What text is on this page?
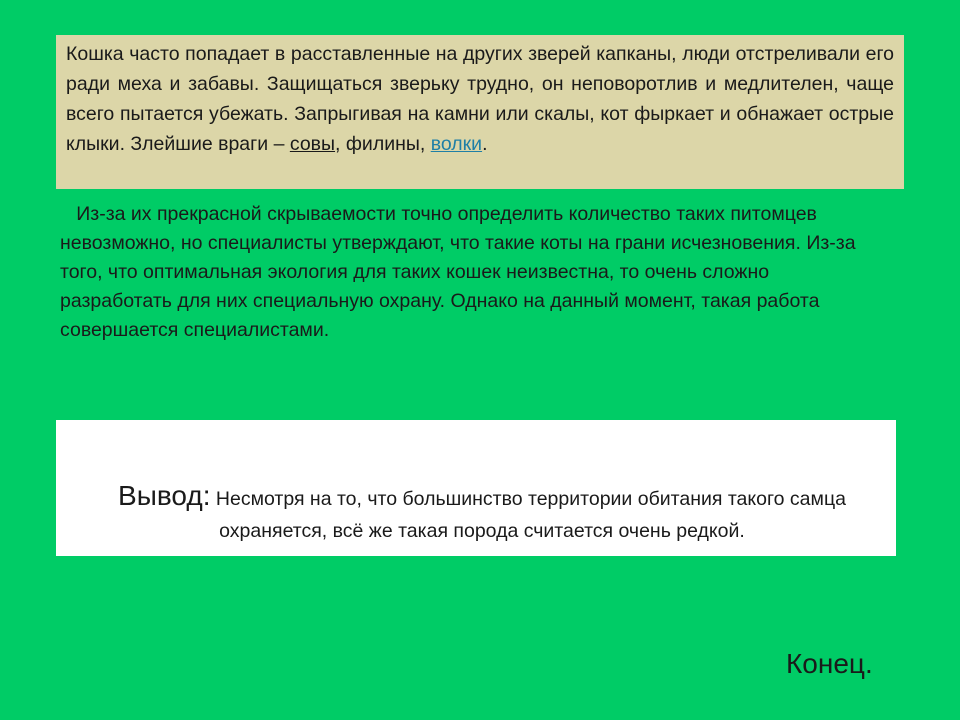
Кошка часто попадает в расставленные на других зверей капканы, люди отстреливали его ради меха и забавы. Защищаться зверьку трудно, он неповоротлив и медлителен, чаще всего пытается убежать. Запрыгивая на камни или скалы, кот фыркает и обнажает острые клыки. Злейшие враги – совы, филины, волки.

Из-за их прекрасной скрываемости точно определить количество таких питомцев невозможно, но специалисты утверждают, что такие коты на грани исчезновения. Из-за того, что оптимальная экология для таких кошек неизвестна, то очень сложно разработать для них специальную охрану. Однако на данный момент, такая работа совершается специалистами.

Вывод: Несмотря на то, что большинство территории обитания такого самца охраняется, всё же такая порода считается очень редкой.

Конец.
